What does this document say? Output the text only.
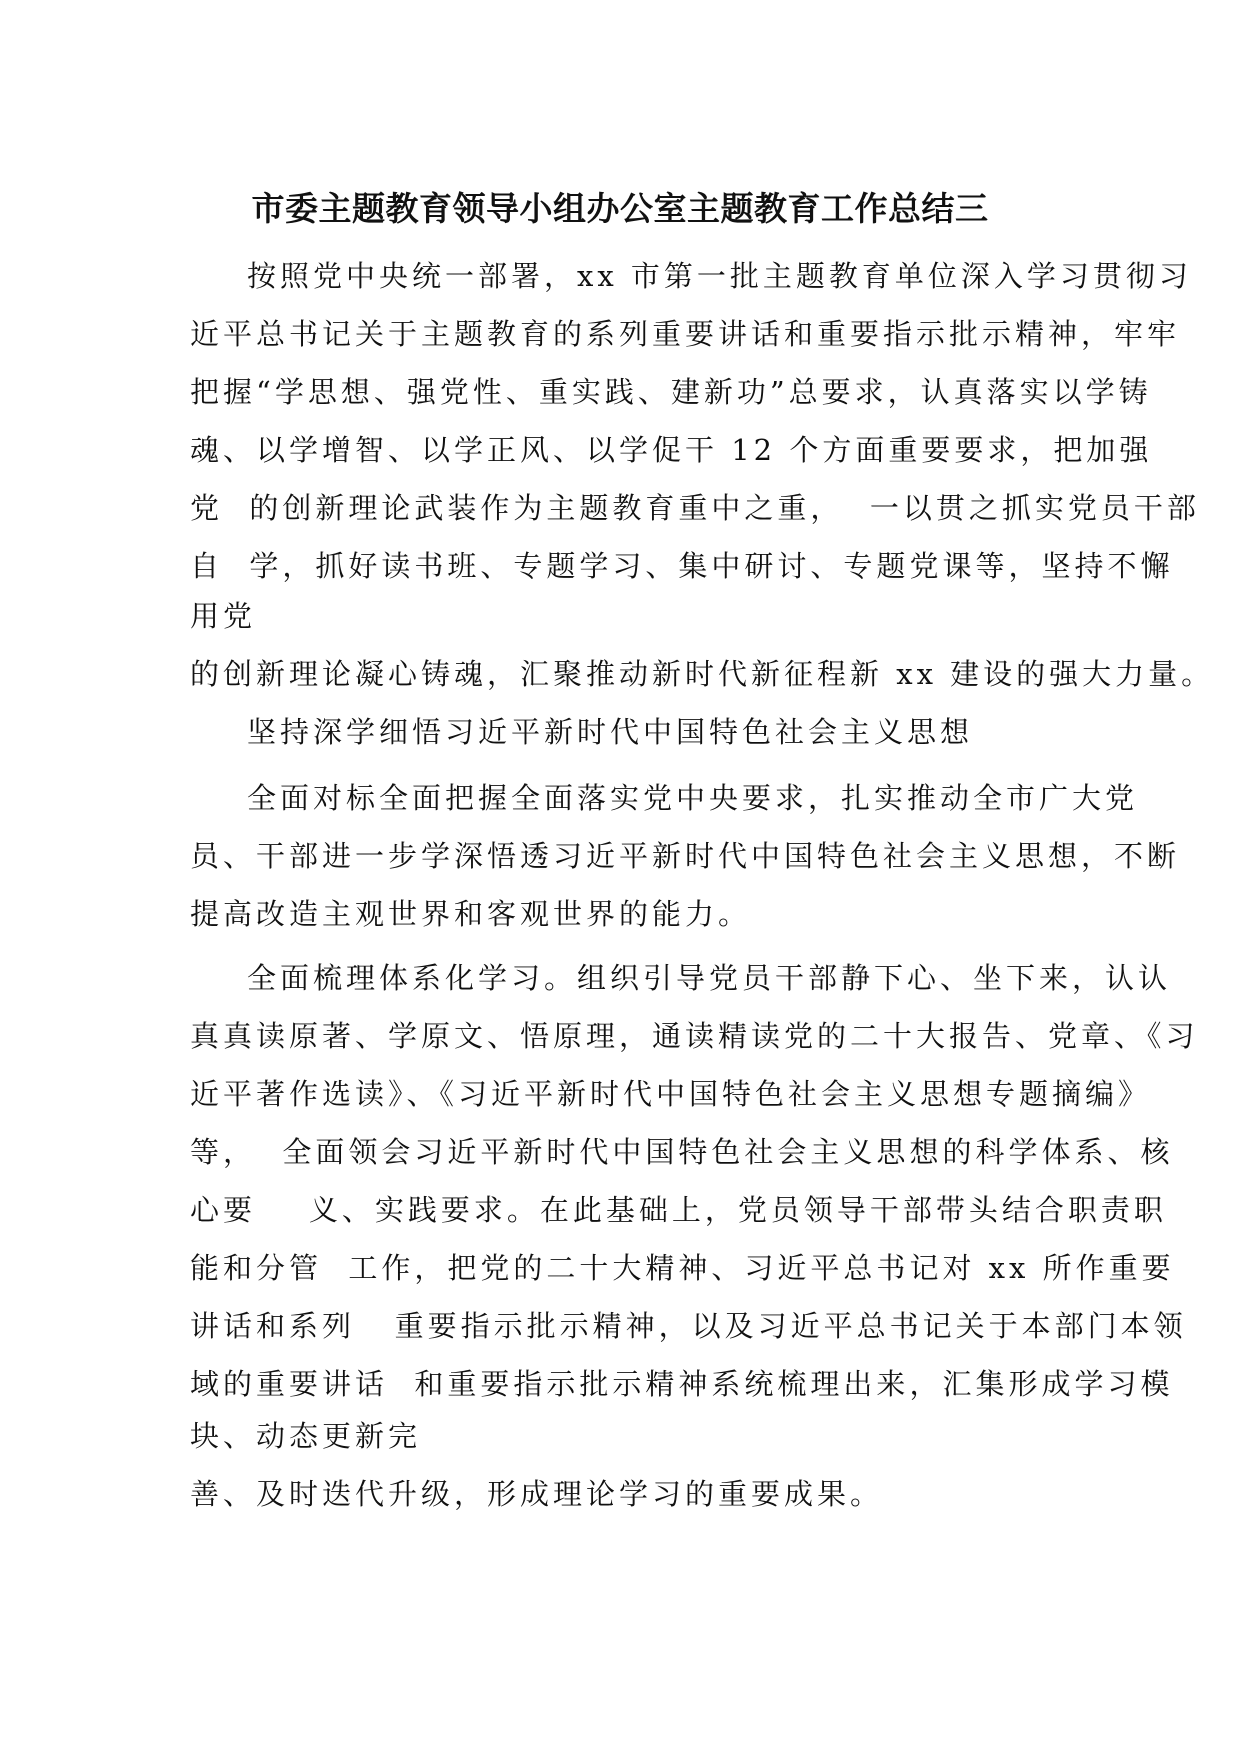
市委主题教育领导小组办公室主题教育工作总结三
按照党中央统一部署，xx 市第一批主题教育单位深入学习贯彻习
近平总书记关于主题教育的系列重要讲话和重要指示批示精神，牢牢
把握“学思想、强党性、重实践、建新功”总要求，认真落实以学铸
魂、以学增智、以学正风、以学促干 12 个方面重要要求，把加强
党  的创新理论武装作为主题教育重中之重，  一以贯之抓实党员干部
自  学，抓好读书班、专题学习、集中研讨、专题党课等，坚持不懈
用党
的创新理论凝心铸魂，汇聚推动新时代新征程新 xx 建设的强大力量。
坚持深学细悟习近平新时代中国特色社会主义思想
全面对标全面把握全面落实党中央要求，扎实推动全市广大党
员、干部进一步学深悟透习近平新时代中国特色社会主义思想，不断
提高改造主观世界和客观世界的能力。
全面梳理体系化学习。组织引导党员干部静下心、坐下来，认认
真真读原著、学原文、悟原理，通读精读党的二十大报告、党章、《习
近平著作选读》、《习近平新时代中国特色社会主义思想专题摘编》
等，  全面领会习近平新时代中国特色社会主义思想的科学体系、核
心要    义、实践要求。在此基础上，党员领导干部带头结合职责职
能和分管  工作，把党的二十大精神、习近平总书记对 xx 所作重要
讲话和系列   重要指示批示精神，以及习近平总书记关于本部门本领
域的重要讲话  和重要指示批示精神系统梳理出来，汇集形成学习模
块、动态更新完
善、及时迭代升级，形成理论学习的重要成果。
